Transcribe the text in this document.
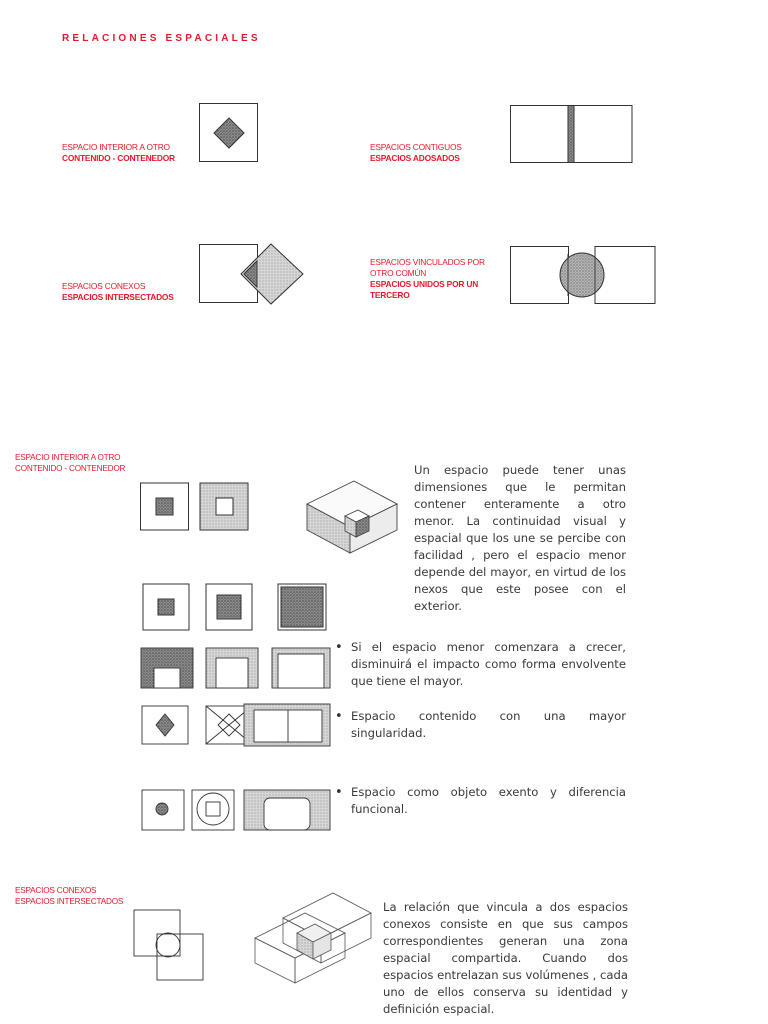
RELACIONES ESPACIALES
ESPACIO INTERIOR A OTRO
CONTENIDO - CONTENEDOR
ESPACIOS CONTIGUOS
ESPACIOS ADOSADOS
ESPACIOS CONEXOS
ESPACIOS INTERSECTADOS
ESPACIOS VINCULADOS POR
OTRO COMÚN
ESPACIOS UNIDOS POR UN
TERCERO
ESPACIO INTERIOR A OTRO
CONTENIDO - CONTENEDOR	Un espacio puede tener unas dimensiones que le permitan contener enteramente a otro menor. La continuidad visual y espacial que los une se percibe con facilidad , pero el espacio menor depende del mayor, en virtud de los nexos que este posee con el exterior.
• Si el espacio menor comenzara a crecer, disminuirá el impacto como forma envolvente que tiene el mayor.
• Espacio contenido con una mayor singularidad.
• Espacio como objeto exento y diferencia funcional.
ESPACIOS CONEXOS
ESPACIOS INTERSECTADOS	La relación que vincula a dos espacios conexos consiste en que sus campos correspondientes generan una zona espacial compartida. Cuando dos espacios entrelazan sus volúmenes , cada uno de ellos conserva su identidad y definición espacial.
